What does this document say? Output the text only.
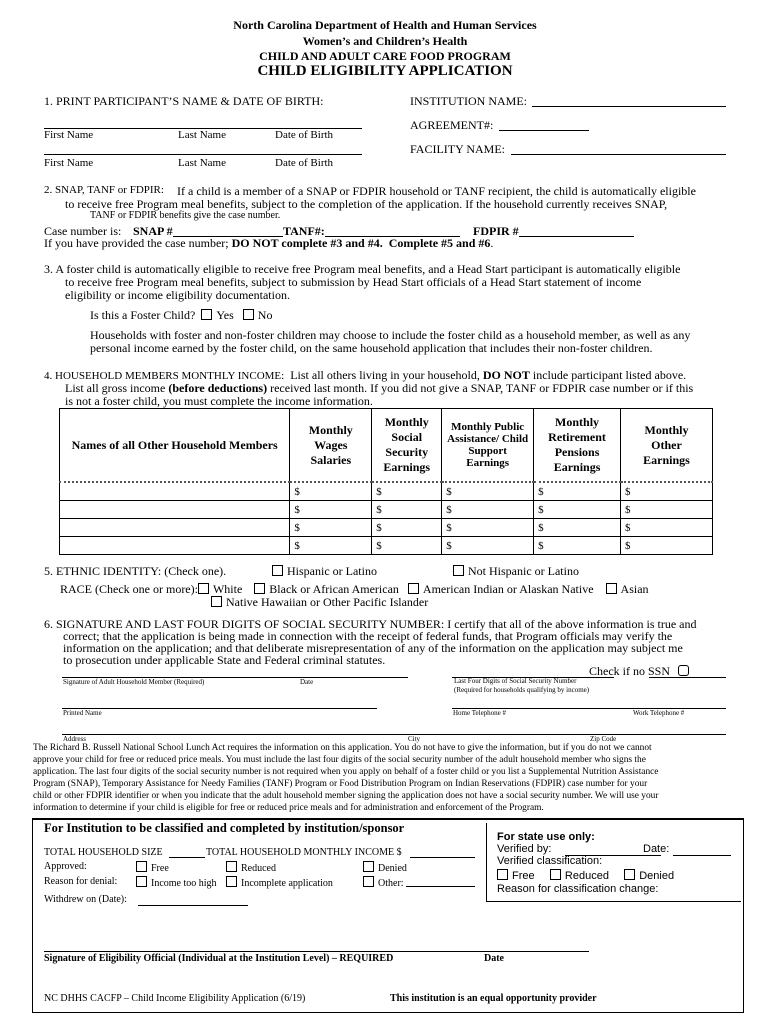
North Carolina Department of Health and Human Services
Women’s and Children’s Health
CHILD AND ADULT CARE FOOD PROGRAM
CHILD ELIGIBILITY APPLICATION
1. PRINT PARTICIPANT’S NAME & DATE OF BIRTH:	INSTITUTION NAME:
AGREEMENT#:
First Name	Last Name	Date of Birth
FACILITY NAME:
First Name	Last Name	Date of Birth
2. SNAP, TANF or FDPIR: If a child is a member of a SNAP or FDPIR household or TANF recipient, the child is automatically eligible
to receive free Program meal benefits, subject to the completion of the application. If the household currently receives SNAP,
TANF or FDPIR benefits give the case number.
Case number is: SNAP #	TANF#:	FDPIR #
If you have provided the case number; DO NOT complete #3 and #4. Complete #5 and #6.
3. A foster child is automatically eligible to receive free Program meal benefits, and a Head Start participant is automatically eligible
to receive free Program meal benefits, subject to submission by Head Start officials of a Head Start statement of income
eligibility or income eligibility documentation.
Is this a Foster Child? Yes No
Households with foster and non-foster children may choose to include the foster child as a household member, as well as any
personal income earned by the foster child, on the same household application that includes their non-foster children.
4. HOUSEHOLD MEMBERS MONTHLY INCOME: List all others living in your household, DO NOT include participant listed above.
List all gross income (before deductions) received last month. If you did not give a SNAP, TANF or FDPIR case number or if this
is not a foster child, you must complete the income information.
Names of all Other Household Members	Monthly Wages Salaries	Monthly Social Security Earnings	Monthly Public Assistance/ Child Support Earnings	Monthly Retirement Pensions Earnings	Monthly Other Earnings
	$	$	$	$	$
	$	$	$	$	$
	$	$	$	$	$
	$	$	$	$	$
5. ETHNIC IDENTITY: (Check one).	Hispanic or Latino	Not Hispanic or Latino
RACE (Check one or more): White Black or African American American Indian or Alaskan Native Asian
Native Hawaiian or Other Pacific Islander
6. SIGNATURE AND LAST FOUR DIGITS OF SOCIAL SECURITY NUMBER: I certify that all of the above information is true and
correct; that the application is being made in connection with the receipt of federal funds, that Program officials may verify the
information on the application; and that deliberate misrepresentation of any of the information on the application may subject me
to prosecution under applicable State and Federal criminal statutes.
Check if no SSN
Signature of Adult Household Member (Required)	Date	Last Four Digits of Social Security Number
(Required for households qualifying by income)
Printed Name	Home Telephone #	Work Telephone #
Address	City	Zip Code
The Richard B. Russell National School Lunch Act requires the information on this application. You do not have to give the information, but if you do not we cannot
approve your child for free or reduced price meals. You must include the last four digits of the social security number of the adult household member who signs the
application. The last four digits of the social security number is not required when you apply on behalf of a foster child or you list a Supplemental Nutrition Assistance
Program (SNAP), Temporary Assistance for Needy Families (TANF) Program or Food Distribution Program on Indian Reservations (FDPIR) case number for your
child or other FDPIR identifier or when you indicate that the adult household member signing the application does not have a social security number. We will use your
information to determine if your child is eligible for free or reduced price meals and for administration and enforcement of the Program.
For Institution to be classified and completed by institution/sponsor
For state use only:
Verified by:	Date:
Verified classification:
Free	Reduced	Denied
Reason for classification change:
TOTAL HOUSEHOLD SIZE	TOTAL HOUSEHOLD MONTHLY INCOME $
Approved:	Free	Reduced	Denied
Reason for denial:	Income too high	Incomplete application	Other:
Withdrew on (Date):
Signature of Eligibility Official (Individual at the Institution Level) – REQUIRED	Date
NC DHHS CACFP – Child Income Eligibility Application (6/19)	This institution is an equal opportunity provider
